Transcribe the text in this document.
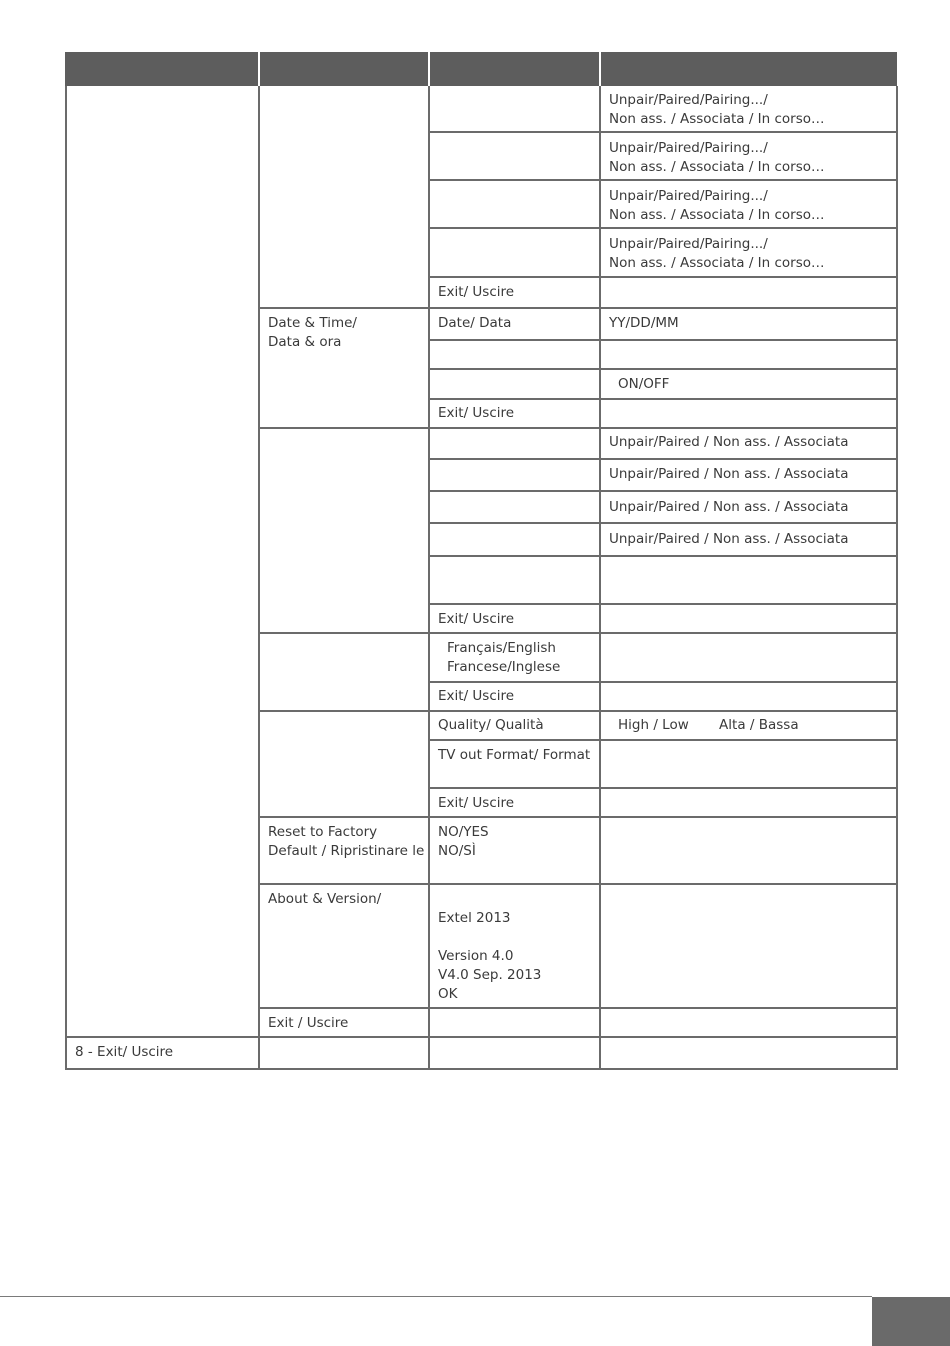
Unpair/Paired/Pairing.../
Non ass. / Associata / In corso…
Unpair/Paired/Pairing.../
Non ass. / Associata / In corso…
Unpair/Paired/Pairing.../
Non ass. / Associata / In corso…
Unpair/Paired/Pairing.../
Non ass. / Associata / In corso…
Exit/ Uscire
Date & Time/
Data & ora
Date/ Data	YY/DD/MM
ON/OFF
Exit/ Uscire
Unpair/Paired / Non ass. / Associata
Unpair/Paired / Non ass. / Associata
Unpair/Paired / Non ass. / Associata
Unpair/Paired / Non ass. / Associata
Exit/ Uscire
Français/English
Francese/Inglese
Exit/ Uscire
Quality/ Qualità	High / Low Alta / Bassa
TV out Format/ Format
Exit/ Uscire
Reset to Factory
Default / Ripristinare le
NO/YES
NO/SÌ
About & Version/
Extel 2013

Version 4.0
V4.0 Sep. 2013
OK
Exit / Uscire
8 - Exit/ Uscire
